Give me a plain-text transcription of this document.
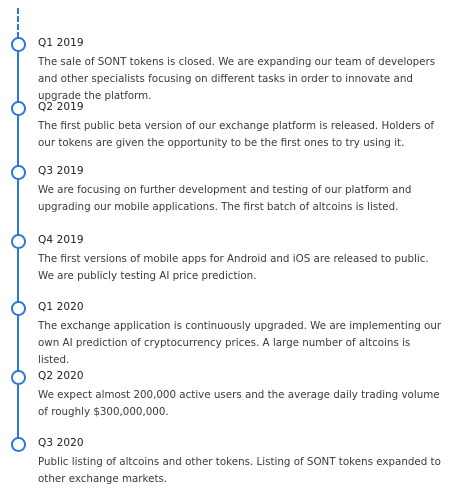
Q1 2019
The sale of SONT tokens is closed. We are expanding our team of developers and other specialists focusing on different tasks in order to innovate and upgrade the platform.
Q2 2019
The first public beta version of our exchange platform is released. Holders of our tokens are given the opportunity to be the first ones to try using it.
Q3 2019
We are focusing on further development and testing of our platform and upgrading our mobile applications. The first batch of altcoins is listed.
Q4 2019
The first versions of mobile apps for Android and iOS are released to public. We are publicly testing AI price prediction.
Q1 2020
The exchange application is continuously upgraded. We are implementing our own AI prediction of cryptocurrency prices. A large number of altcoins is listed.
Q2 2020
We expect almost 200,000 active users and the average daily trading volume of roughly $300,000,000.
Q3 2020
Public listing of altcoins and other tokens. Listing of SONT tokens expanded to other exchange markets.
